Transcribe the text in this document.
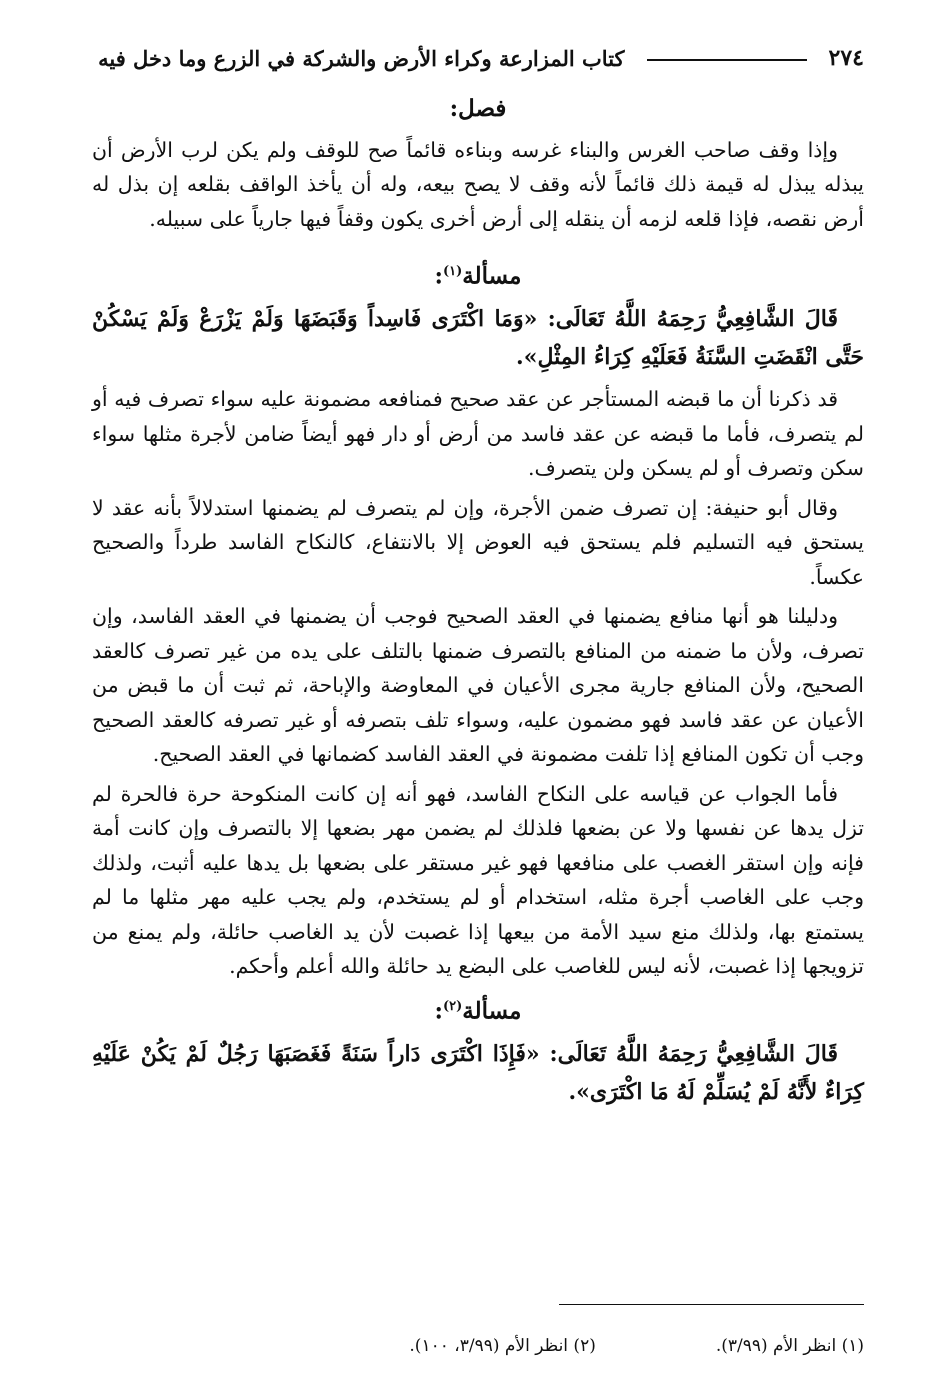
٢٧٤
كتاب المزارعة وكراء الأرض والشركة في الزرع وما دخل فيه
فصل:

وإذا وقف صاحب الغرس والبناء غرسه وبناءه قائماً صح للوقف ولم يكن لرب الأرض أن يبذله يبذل له قيمة ذلك قائماً لأنه وقف لا يصح بيعه، وله أن يأخذ الواقف بقلعه إن بذل له أرض نقصه، فإذا قلعه لزمه أن ينقله إلى أرض أخرى يكون وقفاً فيها جارياً على سبيله.

مسألة$^{(١)}$:

قَالَ الشَّافِعِيُّ رَحِمَهُ اللَّهُ تَعَالَى: «وَمَا اكْتَرَى فَاسِداً وَقَبَضَهَا وَلَمْ يَزْرَعْ وَلَمْ يَسْكُنْ حَتَّى انْقَضَتِ السَّنَةُ فَعَلَيْهِ كِرَاءُ المِثْلِ».

قد ذكرنا أن ما قبضه المستأجر عن عقد صحيح فمنافعه مضمونة عليه سواء تصرف فيه أو لم يتصرف، فأما ما قبضه عن عقد فاسد من أرض أو دار فهو أيضاً ضامن لأجرة مثلها سواء سكن وتصرف أو لم يسكن ولن يتصرف.

وقال أبو حنيفة: إن تصرف ضمن الأجرة، وإن لم يتصرف لم يضمنها استدلالاً بأنه عقد لا يستحق فيه التسليم فلم يستحق فيه العوض إلا بالانتفاع، كالنكاح الفاسد طرداً والصحيح عكساً.

ودليلنا هو أنها منافع يضمنها في العقد الصحيح فوجب أن يضمنها في العقد الفاسد، وإن تصرف، ولأن ما ضمنه من المنافع بالتصرف ضمنها بالتلف على يده من غير تصرف كالعقد الصحيح، ولأن المنافع جارية مجرى الأعيان في المعاوضة والإباحة، ثم ثبت أن ما قبض من الأعيان عن عقد فاسد فهو مضمون عليه، وسواء تلف بتصرفه أو غير تصرفه كالعقد الصحيح وجب أن تكون المنافع إذا تلفت مضمونة في العقد الفاسد كضمانها في العقد الصحيح.

فأما الجواب عن قياسه على النكاح الفاسد، فهو أنه إن كانت المنكوحة حرة فالحرة لم تزل يدها عن نفسها ولا عن بضعها فلذلك لم يضمن مهر بضعها إلا بالتصرف وإن كانت أمة فإنه وإن استقر الغصب على منافعها فهو غير مستقر على بضعها بل يدها عليه أثبت، ولذلك وجب على الغاصب أجرة مثله، استخدام أو لم يستخدم، ولم يجب عليه مهر مثلها ما لم يستمتع بها، ولذلك منع سيد الأمة من بيعها إذا غصبت لأن يد الغاصب حائلة، ولم يمنع من تزويجها إذا غصبت، لأنه ليس للغاصب على البضع يد حائلة والله أعلم وأحكم.

مسألة$^{(٢)}$:

قَالَ الشَّافِعِيُّ رَحِمَهُ اللَّهُ تَعَالَى: «فَإِذَا اكْتَرَى دَاراً سَنَةً فَغَصَبَهَا رَجُلٌ لَمْ يَكُنْ عَلَيْهِ كِرَاءٌ لأَنَّهُ لَمْ يُسَلِّمْ لَهُ مَا اكْتَرَى».

(١) انظر الأم (٣/٩٩).
(٢) انظر الأم (٣/٩٩، ١٠٠).
